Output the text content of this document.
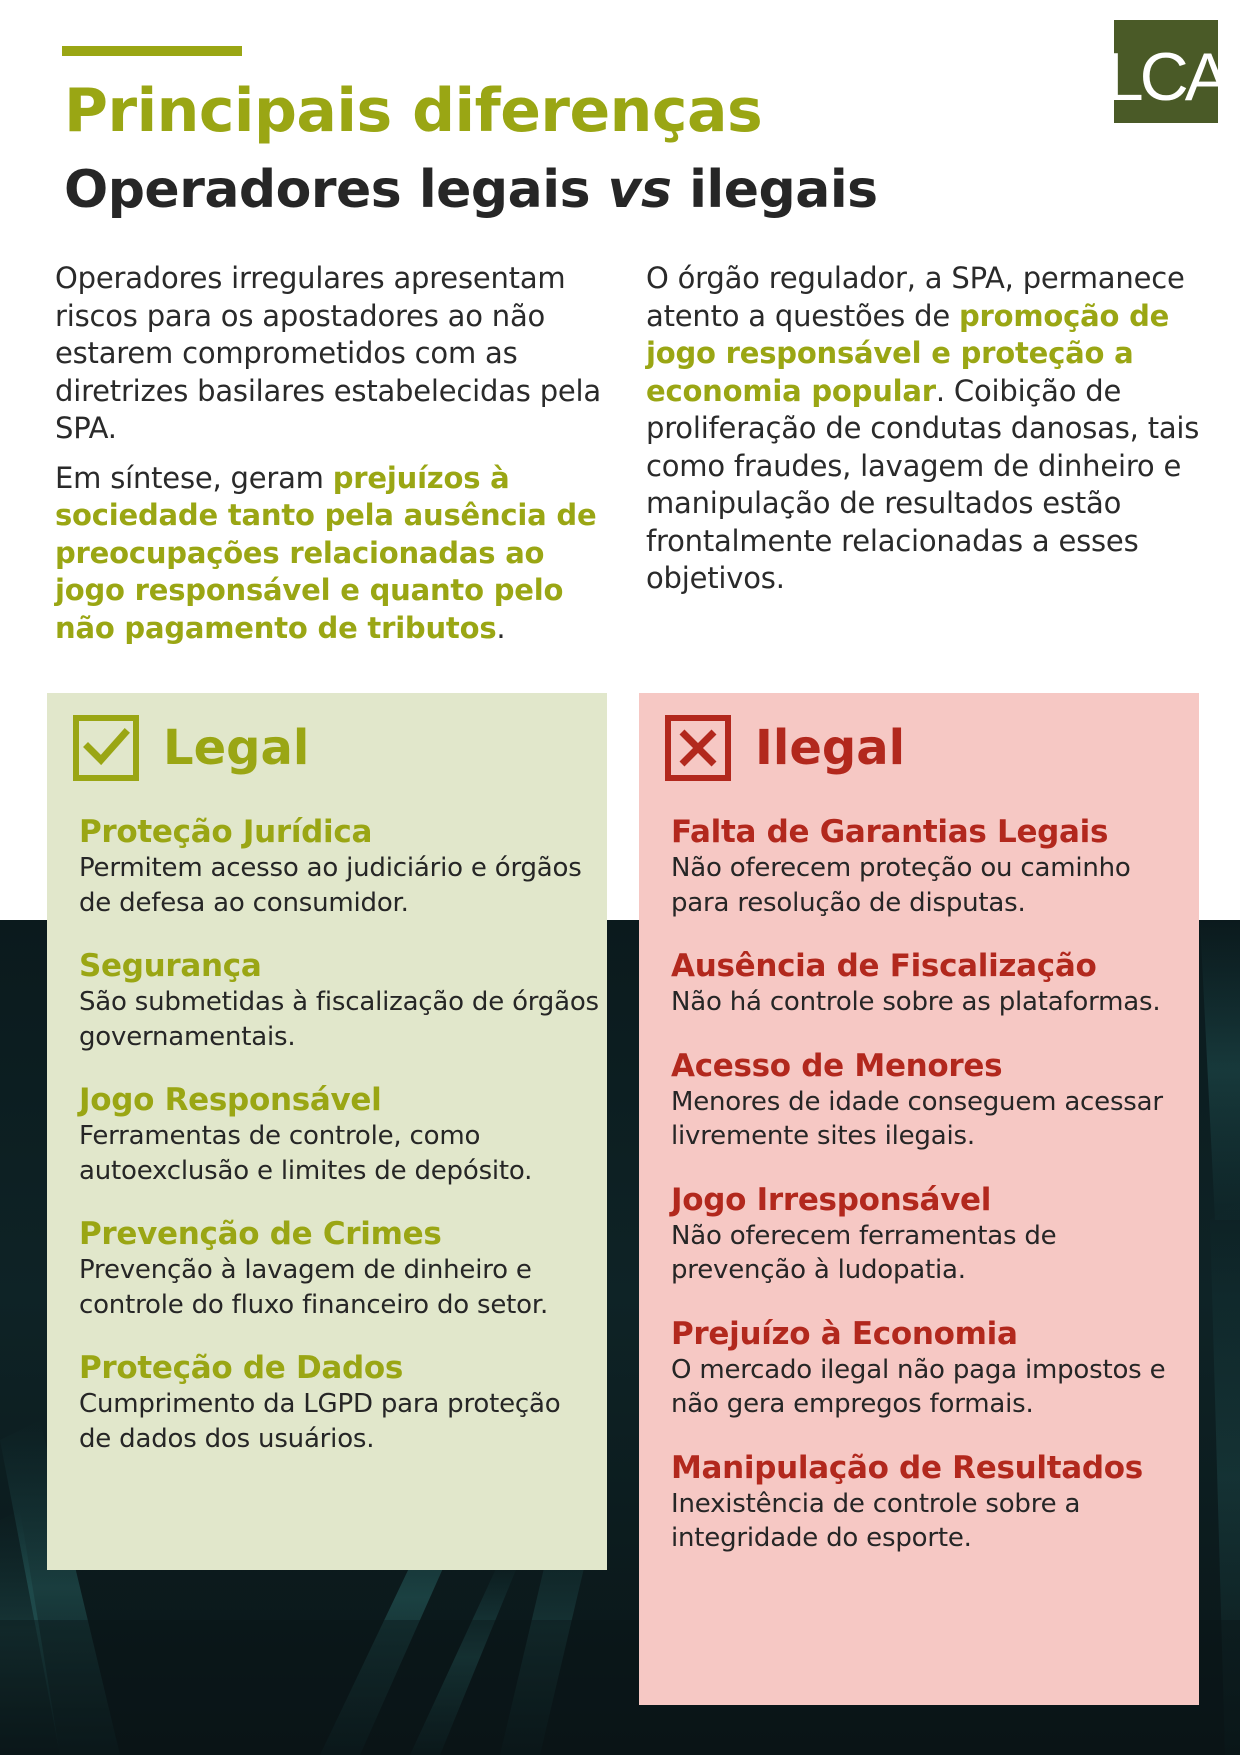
LCA
Principais diferenças
Operadores legais vs ilegais

Operadores irregulares apresentam riscos para os apostadores ao não estarem comprometidos com as diretrizes basilares estabelecidas pela SPA.

Em síntese, geram prejuízos à sociedade tanto pela ausência de preocupações relacionadas ao jogo responsável e quanto pelo não pagamento de tributos.

O órgão regulador, a SPA, permanece atento a questões de promoção de jogo responsável e proteção a economia popular. Coibição de proliferação de condutas danosas, tais como fraudes, lavagem de dinheiro e manipulação de resultados estão frontalmente relacionadas a esses objetivos.

Legal
Proteção Jurídica
Permitem acesso ao judiciário e órgãos de defesa ao consumidor.
Segurança
São submetidas à fiscalização de órgãos governamentais.
Jogo Responsável
Ferramentas de controle, como autoexclusão e limites de depósito.
Prevenção de Crimes
Prevenção à lavagem de dinheiro e controle do fluxo financeiro do setor.
Proteção de Dados
Cumprimento da LGPD para proteção de dados dos usuários.
Ilegal
Falta de Garantias Legais
Não oferecem proteção ou caminho para resolução de disputas.
Ausência de Fiscalização
Não há controle sobre as plataformas.
Acesso de Menores
Menores de idade conseguem acessar livremente sites ilegais.
Jogo Irresponsável
Não oferecem ferramentas de prevenção à ludopatia.
Prejuízo à Economia
O mercado ilegal não paga impostos e não gera empregos formais.
Manipulação de Resultados
Inexistência de controle sobre a integridade do esporte.
